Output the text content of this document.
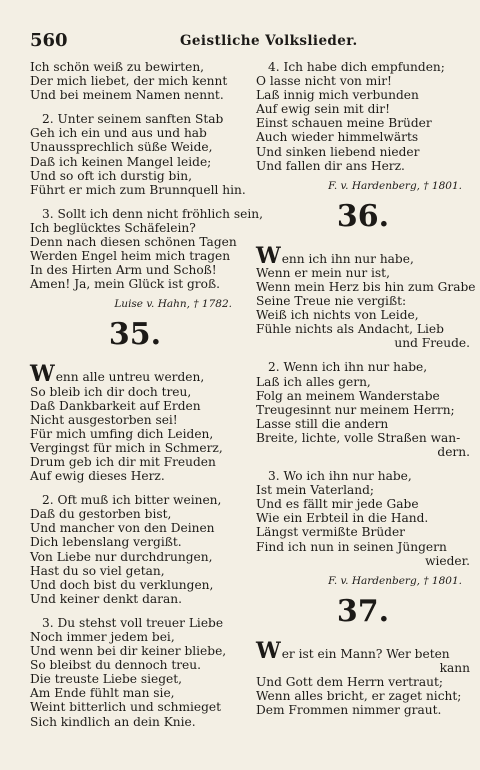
560	Geistliche Volkslieder.
Ich schön weiß zu bewirten,
Der mich liebet, der mich kennt
Und bei meinem Namen nennt.
2. Unter seinem sanften Stab
Geh ich ein und aus und hab
Unaussprechlich süße Weide,
Daß ich keinen Mangel leide;
Und so oft ich durstig bin,
Führt er mich zum Brunnquell hin.
3. Sollt ich denn nicht fröhlich sein,
Ich beglücktes Schäfelein?
Denn nach diesen schönen Tagen
Werden Engel heim mich tragen
In des Hirten Arm und Schoß!
Amen! Ja, mein Glück ist groß.
Luise v. Hahn, † 1782.
35.
Wenn alle untreu werden,
So bleib ich dir doch treu,
Daß Dankbarkeit auf Erden
Nicht ausgestorben sei!
Für mich umfing dich Leiden,
Vergingst für mich in Schmerz,
Drum geb ich dir mit Freuden
Auf ewig dieses Herz.
2. Oft muß ich bitter weinen,
Daß du gestorben bist,
Und mancher von den Deinen
Dich lebenslang vergißt.
Von Liebe nur durchdrungen,
Hast du so viel getan,
Und doch bist du verklungen,
Und keiner denkt daran.
3. Du stehst voll treuer Liebe
Noch immer jedem bei,
Und wenn bei dir keiner bliebe,
So bleibst du dennoch treu.
Die treuste Liebe sieget,
Am Ende fühlt man sie,
Weint bitterlich und schmieget
Sich kindlich an dein Knie.
4. Ich habe dich empfunden;
O lasse nicht von mir!
Laß innig mich verbunden
Auf ewig sein mit dir!
Einst schauen meine Brüder
Auch wieder himmelwärts
Und sinken liebend nieder
Und fallen dir ans Herz.
F. v. Hardenberg, † 1801.
36.
Wenn ich ihn nur habe,
Wenn er mein nur ist,
Wenn mein Herz bis hin zum Grabe
Seine Treue nie vergißt:
Weiß ich nichts von Leide,
Fühle nichts als Andacht, Lieb
und Freude.
2. Wenn ich ihn nur habe,
Laß ich alles gern,
Folg an meinem Wanderstabe
Treugesinnt nur meinem Herrn;
Lasse still die andern
Breite, lichte, volle Straßen wan-
dern.
3. Wo ich ihn nur habe,
Ist mein Vaterland;
Und es fällt mir jede Gabe
Wie ein Erbteil in die Hand.
Längst vermißte Brüder
Find ich nun in seinen Jüngern
wieder.
F. v. Hardenberg, † 1801.
37.
Wer ist ein Mann? Wer beten
kann
Und Gott dem Herrn vertraut;
Wenn alles bricht, er zaget nicht;
Dem Frommen nimmer graut.
